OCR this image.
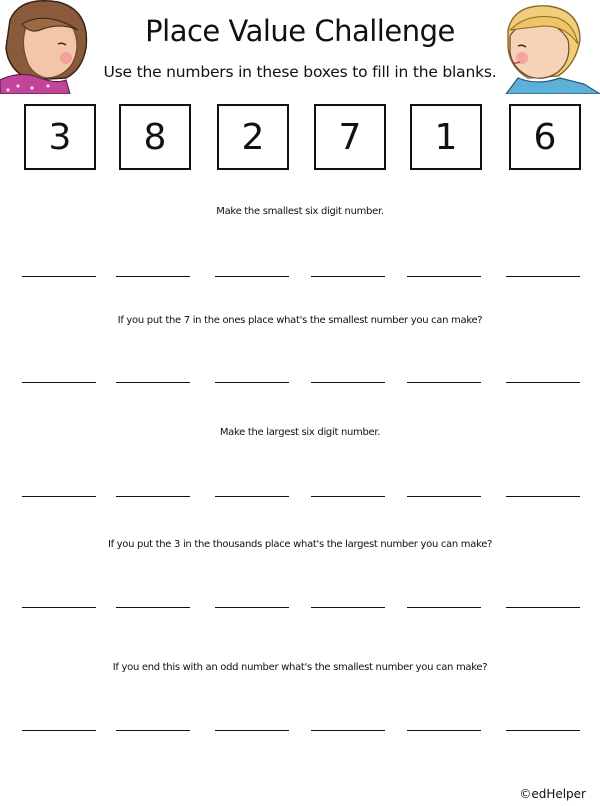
Place Value Challenge
Use the numbers in these boxes to fill in the blanks.
3	8	2	7	1	6
Make the smallest six digit number.
If you put the 7 in the ones place what's the smallest number you can make?
Make the largest six digit number.
If you put the 3 in the thousands place what's the largest number you can make?
If you end this with an odd number what's the smallest number you can make?
©edHelper
